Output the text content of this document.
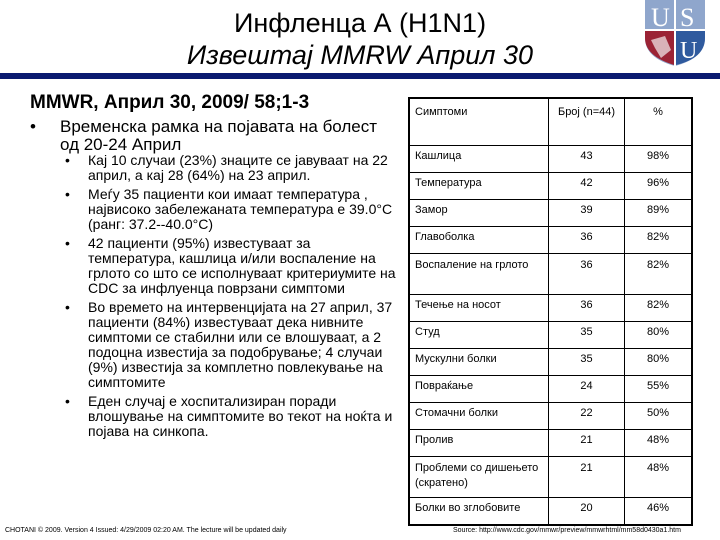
Инфленца А (H1N1)
Извештај MMRW Април 30
U S
U
MMWR, Април 30, 2009/ 58;1-3
• Временска рамка на појавата на болест од 20-24 Април
• Кај 10 случаи (23%) знаците се јавуваат на 22 април, а кај 28 (64%) на 23 април.
• Меѓу 35 пациенти кои имаат температура , највисоко забележаната температура е 39.0°C (ранг: 37.2--40.0°C)
• 42 пациенти (95%) известуваат за температура, кашлица и/или воспаление на грлото со што се исполнуваат критериумите на CDC за инфлуенца поврзани симптоми
• Во времето на интервенцијата на 27 април, 37 пациенти (84%) известуваат дека нивните симптоми се стабилни или се влошуваат, а 2 подоцна известија за подобрување; 4 случаи (9%) известија за комплетно повлекување на симптомите
• Еден случај е хоспитализиран поради влошување на симптомите во текот на ноќта и појава на синкопа.
Симптоми	Број (n=44)	%
Кашлица	43	98%
Температура	42	96%
Замор	39	89%
Главоболка	36	82%
Воспаление на грлото	36	82%
Течење на носот	36	82%
Студ	35	80%
Мускулни болки	35	80%
Повраќање	24	55%
Стомачни болки	22	50%
Пролив	21	48%
Проблеми со дишењето (скратено)	21	48%
Болки во зглобовите	20	46%
CHOTANI © 2009. Version 4 Issued: 4/29/2009 02:20 AM. The lecture will be updated daily	Source: http://www.cdc.gov/mmwr/preview/mmwrhtml/mm58d0430a1.htm
